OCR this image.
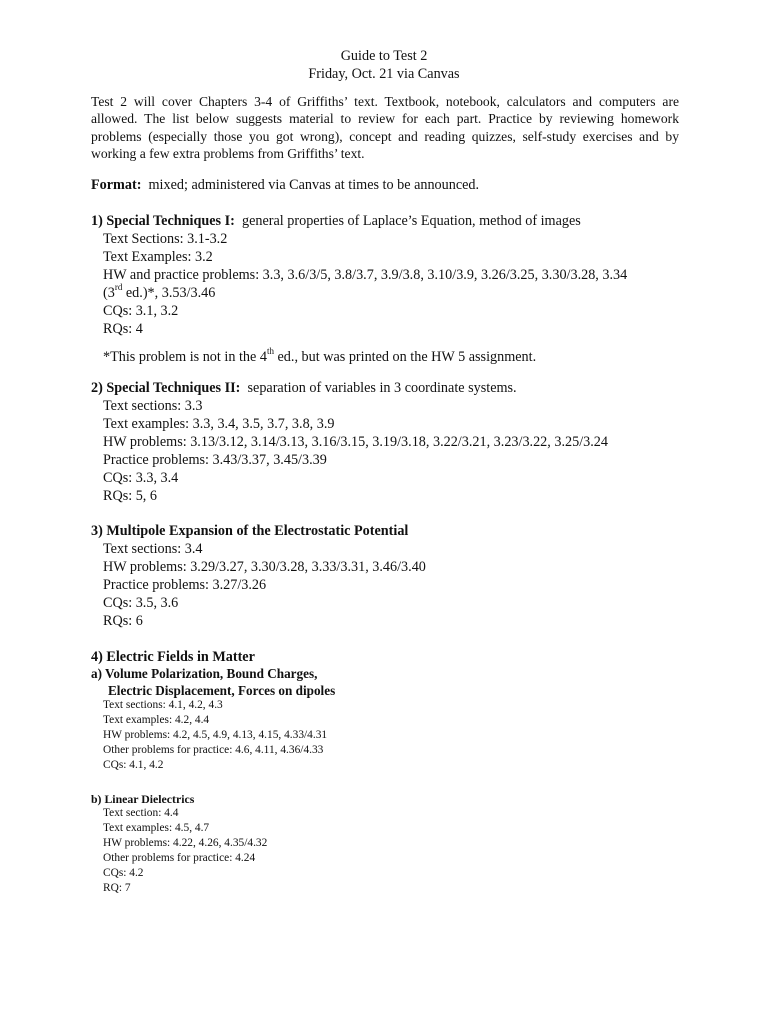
Guide to Test 2
Friday, Oct. 21 via Canvas
Test 2 will cover Chapters 3-4 of Griffiths’ text. Textbook, notebook, calculators and computers are allowed. The list below suggests material to review for each part. Practice by reviewing homework problems (especially those you got wrong), concept and reading quizzes, self-study exercises and by working a few extra problems from Griffiths’ text.
Format: mixed; administered via Canvas at times to be announced.
1) Special Techniques I: general properties of Laplace’s Equation, method of images
Text Sections: 3.1-3.2
Text Examples: 3.2
HW and practice problems: 3.3, 3.6/3/5, 3.8/3.7, 3.9/3.8, 3.10/3.9, 3.26/3.25, 3.30/3.28, 3.34
(3rd ed.)*, 3.53/3.46
CQs: 3.1, 3.2
RQs: 4
*This problem is not in the 4th ed., but was printed on the HW 5 assignment.
2) Special Techniques II: separation of variables in 3 coordinate systems.
Text sections: 3.3
Text examples: 3.3, 3.4, 3.5, 3.7, 3.8, 3.9
HW problems: 3.13/3.12, 3.14/3.13, 3.16/3.15, 3.19/3.18, 3.22/3.21, 3.23/3.22, 3.25/3.24
Practice problems: 3.43/3.37, 3.45/3.39
CQs: 3.3, 3.4
RQs: 5, 6
3) Multipole Expansion of the Electrostatic Potential
Text sections: 3.4
HW problems: 3.29/3.27, 3.30/3.28, 3.33/3.31, 3.46/3.40
Practice problems: 3.27/3.26
CQs: 3.5, 3.6
RQs: 6
4) Electric Fields in Matter
a) Volume Polarization, Bound Charges,
Electric Displacement, Forces on dipoles
Text sections: 4.1, 4.2, 4.3
Text examples: 4.2, 4.4
HW problems: 4.2, 4.5, 4.9, 4.13, 4.15, 4.33/4.31
Other problems for practice: 4.6, 4.11, 4.36/4.33
CQs: 4.1, 4.2
b) Linear Dielectrics
Text section: 4.4
Text examples: 4.5, 4.7
HW problems: 4.22, 4.26, 4.35/4.32
Other problems for practice: 4.24
CQs: 4.2
RQ: 7
